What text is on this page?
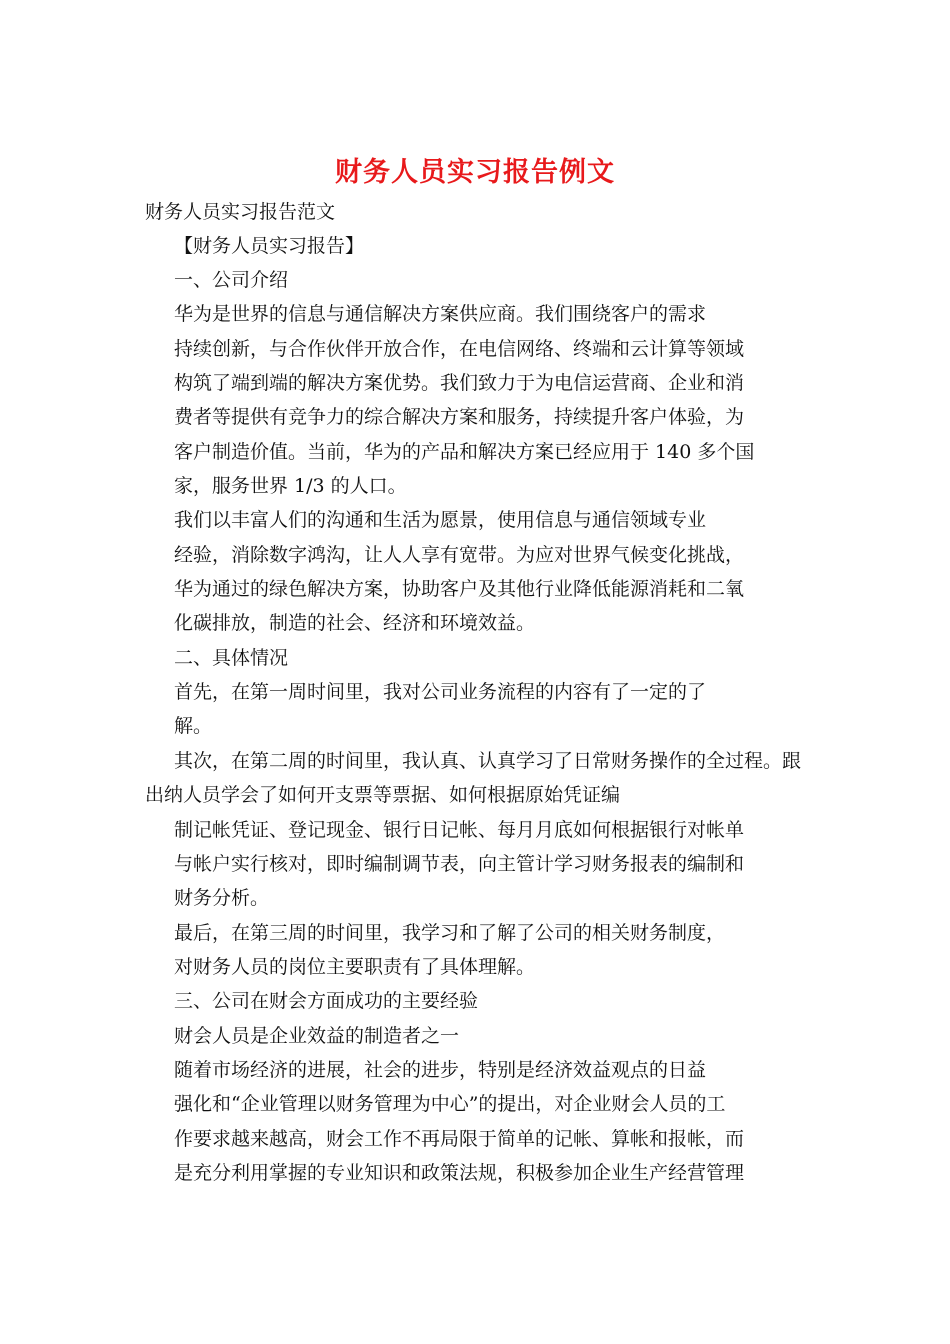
财务人员实习报告例文
财务人员实习报告范文
【财务人员实习报告】
一、公司介绍
华为是世界的信息与通信解决方案供应商。我们围绕客户的需求
持续创新，与合作伙伴开放合作，在电信网络、终端和云计算等领域
构筑了端到端的解决方案优势。我们致力于为电信运营商、企业和消
费者等提供有竞争力的综合解决方案和服务，持续提升客户体验，为
客户制造价值。当前，华为的产品和解决方案已经应用于 140 多个国
家，服务世界 1/3 的人口。
我们以丰富人们的沟通和生活为愿景，使用信息与通信领域专业
经验，消除数字鸿沟，让人人享有宽带。为应对世界气候变化挑战，
华为通过的绿色解决方案，协助客户及其他行业降低能源消耗和二氧
化碳排放，制造的社会、经济和环境效益。
二、具体情况
首先，在第一周时间里，我对公司业务流程的内容有了一定的了
解。
其次，在第二周的时间里，我认真、认真学习了日常财务操作的全过程。跟
出纳人员学会了如何开支票等票据、如何根据原始凭证编
制记帐凭证、登记现金、银行日记帐、每月月底如何根据银行对帐单
与帐户实行核对，即时编制调节表，向主管计学习财务报表的编制和
财务分析。
最后，在第三周的时间里，我学习和了解了公司的相关财务制度，
对财务人员的岗位主要职责有了具体理解。
三、公司在财会方面成功的主要经验
财会人员是企业效益的制造者之一
随着市场经济的进展，社会的进步，特别是经济效益观点的日益
强化和“企业管理以财务管理为中心”的提出，对企业财会人员的工
作要求越来越高，财会工作不再局限于简单的记帐、算帐和报帐，而
是充分利用掌握的专业知识和政策法规，积极参加企业生产经营管理
